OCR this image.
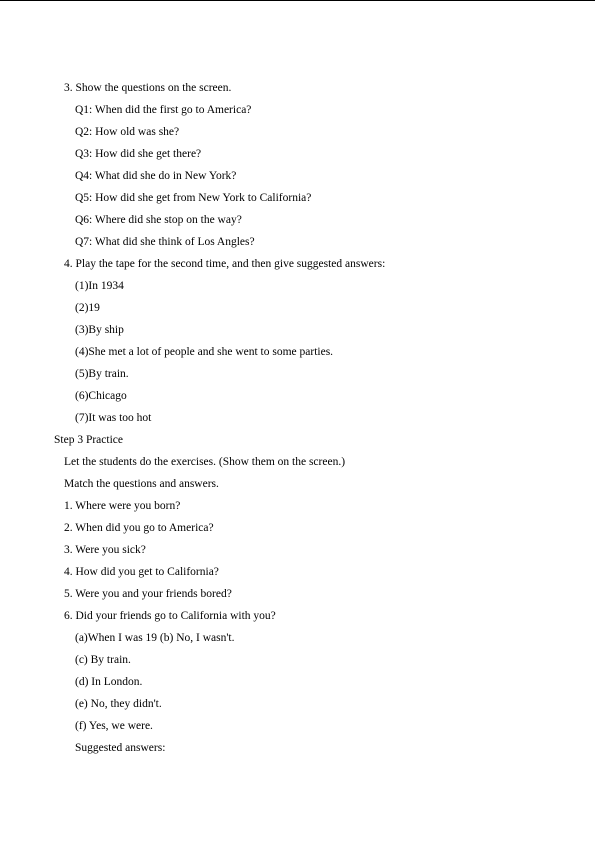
3. Show the questions on the screen.
Q1: When did the first go to America?
Q2: How old was she?
Q3: How did she get there?
Q4: What did she do in New York?
Q5: How did she get from New York to California?
Q6: Where did she stop on the way?
Q7: What did she think of Los Angles?
4. Play the tape for the second time, and then give suggested answers:
(1)In 1934
(2)19
(3)By ship
(4)She met a lot of people and she went to some parties.
(5)By train.
(6)Chicago
(7)It was too hot
Step 3 Practice
Let the students do the exercises. (Show them on the screen.)
Match the questions and answers.
1. Where were you born?
2. When did you go to America?
3. Were you sick?
4. How did you get to California?
5. Were you and your friends bored?
6. Did your friends go to California with you?
(a)When I was 19 (b) No, I wasn't.
(c) By train.
(d) In London.
(e) No, they didn't.
(f) Yes, we were.
Suggested answers:
